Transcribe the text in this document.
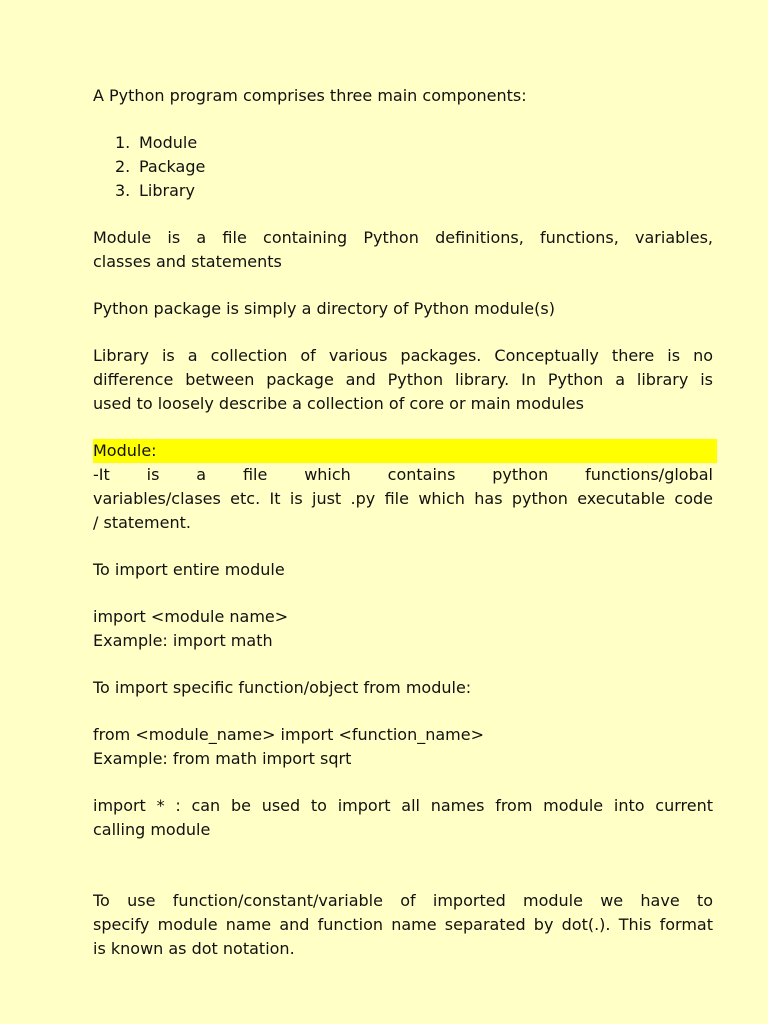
A Python program comprises three main components:
1. Module
2. Package
3. Library
Module is a file containing Python definitions, functions, variables,
classes and statements
Python package is simply a directory of Python module(s)
Library is a collection of various packages. Conceptually there is no
difference between package and Python library. In Python a library is
used to loosely describe a collection of core or main modules
Module:
-It is a file which contains python functions/global
variables/clases etc. It is just .py file which has python executable code
/ statement.
To import entire module
import <module name>
Example: import math
To import specific function/object from module:
from <module_name> import <function_name>
Example: from math import sqrt
import * : can be used to import all names from module into current
calling module
To use function/constant/variable of imported module we have to
specify module name and function name separated by dot(.). This format
is known as dot notation.
